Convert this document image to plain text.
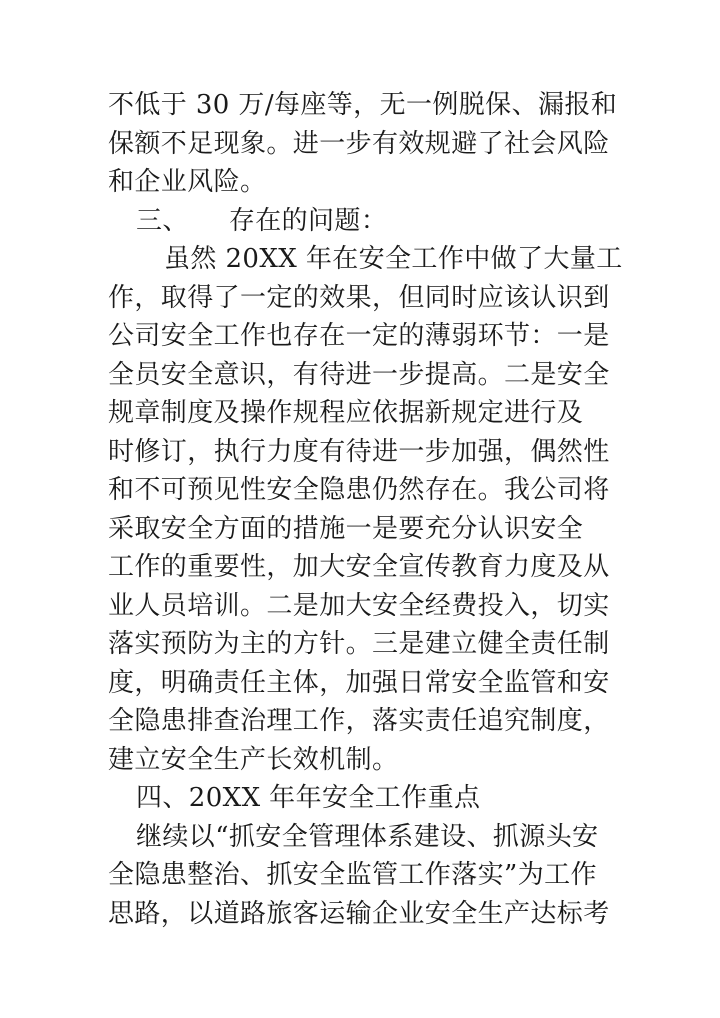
不低于 30 万/每座等，无一例脱保、漏报和
保额不足现象。进一步有效规避了社会风险
和企业风险。
三、 存在的问题：
虽然 20XX 年在安全工作中做了大量工
作，取得了一定的效果，但同时应该认识到
公司安全工作也存在一定的薄弱环节：一是
全员安全意识，有待进一步提高。二是安全
规章制度及操作规程应依据新规定进行及
时修订，执行力度有待进一步加强，偶然性
和不可预见性安全隐患仍然存在。我公司将
采取安全方面的措施一是要充分认识安全
工作的重要性，加大安全宣传教育力度及从
业人员培训。二是加大安全经费投入，切实
落实预防为主的方针。三是建立健全责任制
度，明确责任主体，加强日常安全监管和安
全隐患排查治理工作，落实责任追究制度，
建立安全生产长效机制。
四、20XX 年年安全工作重点
继续以“抓安全管理体系建设、抓源头安
全隐患整治、抓安全监管工作落实”为工作
思路，以道路旅客运输企业安全生产达标考
